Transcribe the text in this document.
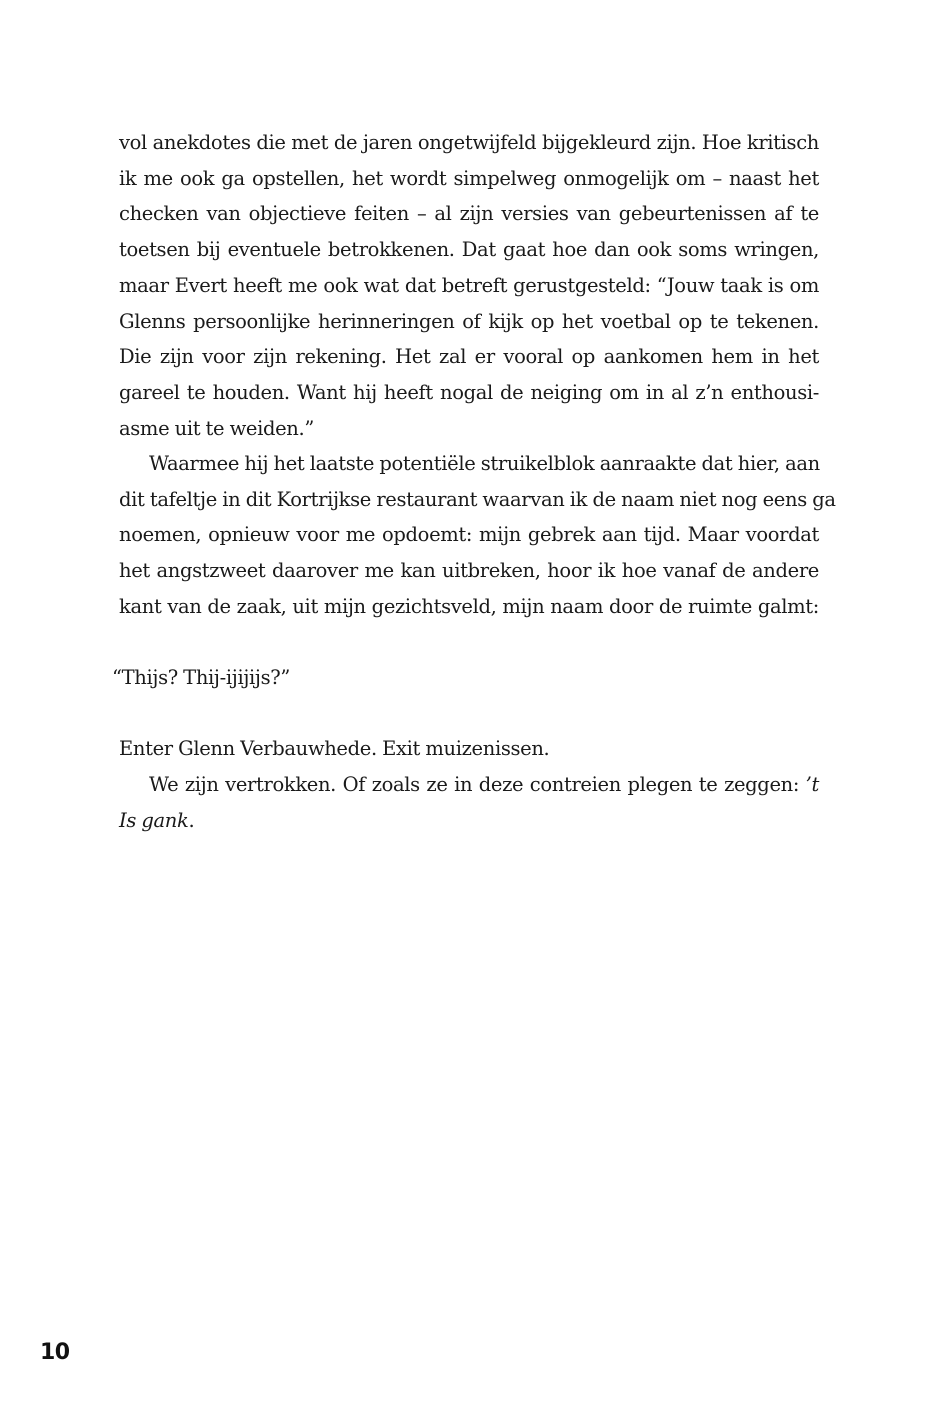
vol anekdotes die met de jaren ongetwijfeld bijgekleurd zijn. Hoe kritisch
ik me ook ga opstellen, het wordt simpelweg onmogelijk om – naast het
checken van objectieve feiten – al zijn versies van gebeurtenissen af te
toetsen bij eventuele betrokkenen. Dat gaat hoe dan ook soms wringen,
maar Evert heeft me ook wat dat betreft gerustgesteld: “Jouw taak is om
Glenns persoonlijke herinneringen of kijk op het voetbal op te tekenen.
Die zijn voor zijn rekening. Het zal er vooral op aankomen hem in het
gareel te houden. Want hij heeft nogal de neiging om in al z’n enthousi-
asme uit te weiden.”
Waarmee hij het laatste potentiële struikelblok aanraakte dat hier, aan
dit tafeltje in dit Kortrijkse restaurant waarvan ik de naam niet nog eens ga
noemen, opnieuw voor me opdoemt: mijn gebrek aan tijd. Maar voordat
het angstzweet daarover me kan uitbreken, hoor ik hoe vanaf de andere
kant van de zaak, uit mijn gezichtsveld, mijn naam door de ruimte galmt:
“Thijs? Thij-ijijijs?”
Enter Glenn Verbauwhede. Exit muizenissen.
We zijn vertrokken. Of zoals ze in deze contreien plegen te zeggen: ’t
Is gank.
10
